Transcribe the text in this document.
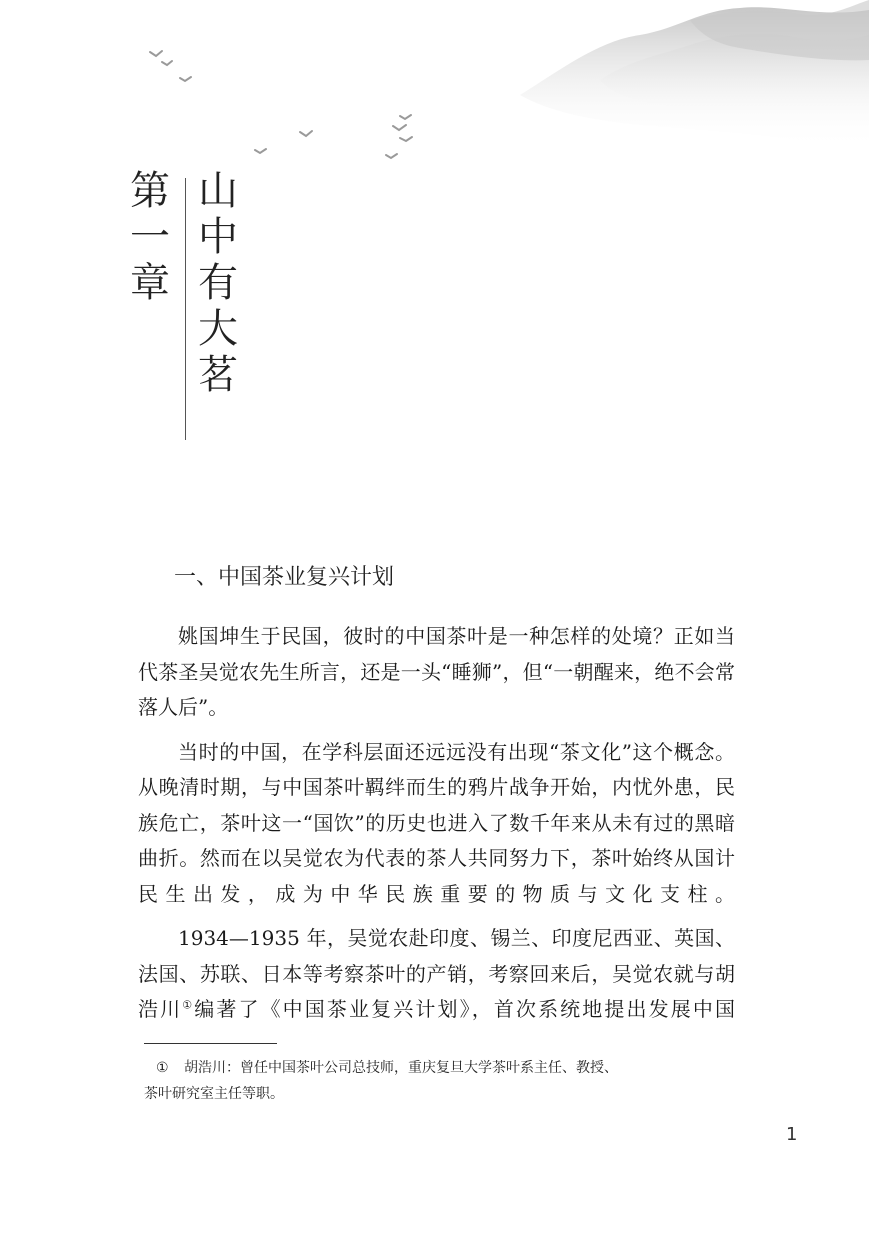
第
一
章
山
中
有
大
茗
一、中国茶业复兴计划

姚国坤生于民国，彼时的中国茶叶是一种怎样的处境？正如当代茶圣吴觉农先生所言，还是一头“睡狮”，但“一朝醒来，绝不会常落人后”。

当时的中国，在学科层面还远远没有出现“茶文化”这个概念。从晚清时期，与中国茶叶羁绊而生的鸦片战争开始，内忧外患，民族危亡，茶叶这一“国饮”的历史也进入了数千年来从未有过的黑暗曲折。然而在以吴觉农为代表的茶人共同努力下，茶叶始终从国计民生出发，成为中华民族重要的物质与文化支柱。

1934—1935 年，吴觉农赴印度、锡兰、印度尼西亚、英国、法国、苏联、日本等考察茶叶的产销，考察回来后，吴觉农就与胡浩川①编著了《中国茶业复兴计划》，首次系统地提出发展中国

① 胡浩川：曾任中国茶叶公司总技师，重庆复旦大学茶叶系主任、教授、
茶叶研究室主任等职。

1
